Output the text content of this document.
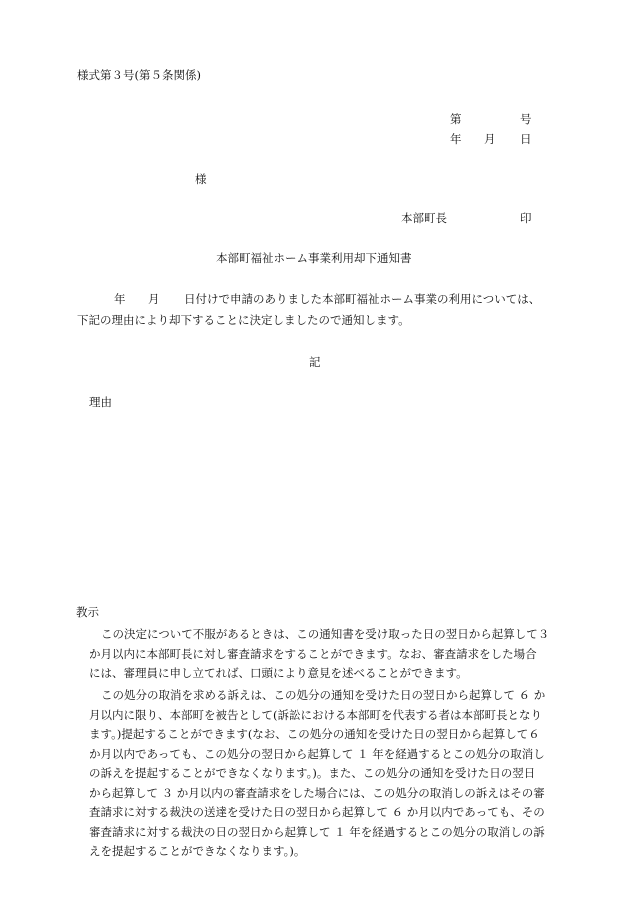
様式第３号(第５条関係)
第	号
年 月 日
様
本部町長	印
本部町福祉ホーム事業利用却下通知書
年 月 日付けで申請のありました本部町福祉ホーム事業の利用については、
下記の理由により却下することに決定しましたので通知します。
記
理由
教示
この決定について不服があるときは、この通知書を受け取った日の翌日から起算して３
か月以内に本部町長に対し審査請求をすることができます。なお、審査請求をした場合
には、審理員に申し立てれば、口頭により意見を述べることができます。
この処分の取消を求める訴えは、この処分の通知を受けた日の翌日から起算して ６ か
月以内に限り、本部町を被告として(訴訟における本部町を代表する者は本部町長となり
ます。)提起することができます(なお、この処分の通知を受けた日の翌日から起算して６
か月以内であっても、この処分の翌日から起算して １ 年を経過するとこの処分の取消し
の訴えを提起することができなくなります。)。また、この処分の通知を受けた日の翌日
から起算して ３ か月以内の審査請求をした場合には、この処分の取消しの訴えはその審
査請求に対する裁決の送達を受けた日の翌日から起算して ６ か月以内であっても、その
審査請求に対する裁決の日の翌日から起算して １ 年を経過するとこの処分の取消しの訴
えを提起することができなくなります。)。
